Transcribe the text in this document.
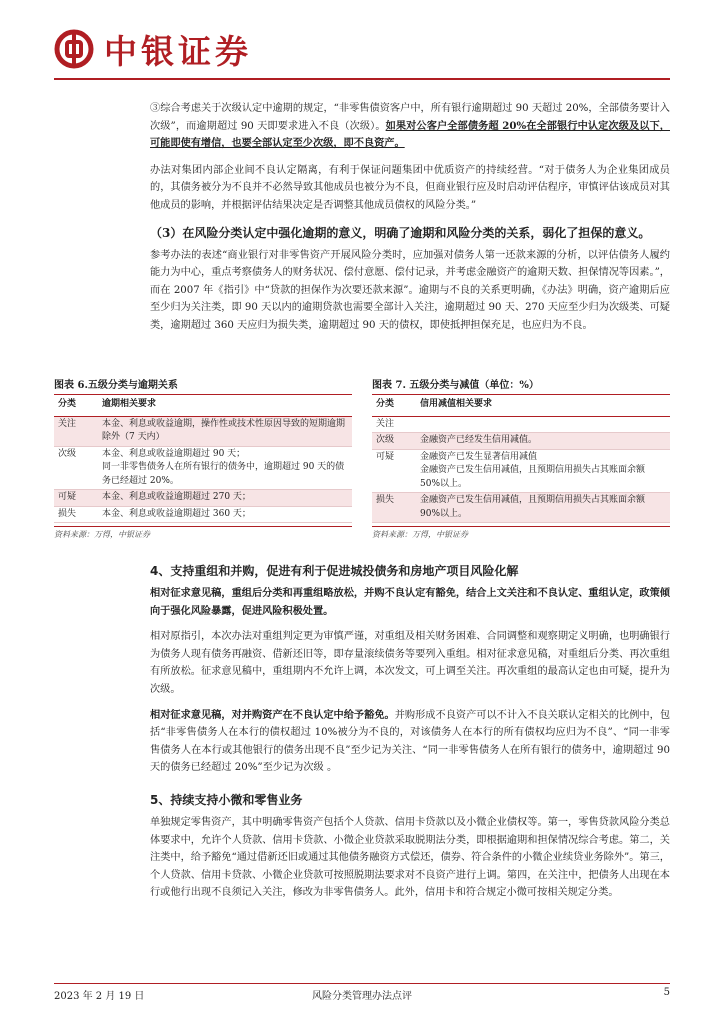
中银证券

③综合考虑关于次级认定中逾期的规定，“非零售债资客户中，所有银行逾期超过 90 天超过 20%，全部债务要计入次级”，而逾期超过 90 天即要求进入不良（次级）。如果对公客户全部债务超 20%在全部银行中认定次级及以下，可能即使有增信，也要全部认定至少次级，即不良资产。

办法对集团内部企业间不良认定隔离，有利于保证问题集团中优质资产的持续经营。“对于债务人为企业集团成员的，其债务被分为不良并不必然导致其他成员也被分为不良，但商业银行应及时启动评估程序，审慎评估该成员对其他成员的影响，并根据评估结果决定是否调整其他成员债权的风险分类。”

（3）在风险分类认定中强化逾期的意义，明确了逾期和风险分类的关系，弱化了担保的意义。

参考办法的表述“商业银行对非零售资产开展风险分类时，应加强对债务人第一还款来源的分析，以评估债务人履约能力为中心，重点考察债务人的财务状况、偿付意愿、偿付记录，并考虑金融资产的逾期天数、担保情况等因素。”，而在 2007 年《指引》中“贷款的担保作为次要还款来源”。逾期与不良的关系更明确，《办法》明确，资产逾期后应至少归为关注类，即 90 天以内的逾期贷款也需要全部计入关注，逾期超过 90 天、270 天应至少归为次级类、可疑类，逾期超过 360 天应归为损失类，逾期超过 90 天的债权，即使抵押担保充足，也应归为不良。

图表 6.五级分类与逾期关系
分类	逾期相关要求
关注	本金、利息或收益逾期，操作性或技术性原因导致的短期逾期除外（7 天内）
次级	本金、利息或收益逾期超过 90 天；
同一非零售债务人在所有银行的债务中，逾期超过 90 天的债务已经超过 20%。
可疑	本金、利息或收益逾期超过 270 天；
损失	本金、利息或收益逾期超过 360 天；
资料来源：万得，中银证券
图表 7. 五级分类与减值（单位：%）
分类	信用减值相关要求
关注	
次级	金融资产已经发生信用减值。
可疑	金融资产已发生显著信用减值
金融资产已发生信用减值，且预期信用损失占其账面余额 50%以上。
损失	金融资产已发生信用减值，且预期信用损失占其账面余额 90%以上。
资料来源：万得，中银证券

4、支持重组和并购，促进有利于促进城投债务和房地产项目风险化解

相对征求意见稿，重组后分类和再重组略放松，并购不良认定有豁免，结合上文关注和不良认定、重组认定，政策倾向于强化风险暴露，促进风险积极处置。

相对原指引，本次办法对重组判定更为审慎严谨，对重组及相关财务困难、合同调整和观察期定义明确，也明确银行为债务人现有债务再融资、借新还旧等，即存量滚续债务等要列入重组。相对征求意见稿，对重组后分类、再次重组有所放松。征求意见稿中，重组期内不允许上调，本次发文，可上调至关注。再次重组的最高认定也由可疑，提升为次级。

相对征求意见稿，对并购资产在不良认定中给予豁免。并购形成不良资产可以不计入不良关联认定相关的比例中，包括“非零售债务人在本行的债权超过 10%被分为不良的，对该债务人在本行的所有债权均应归为不良”、“同一非零售债务人在本行或其他银行的债务出现不良”至少记为关注、“同一非零售债务人在所有银行的债务中，逾期超过 90 天的债务已经超过 20%”至少记为次级 。

5、持续支持小微和零售业务

单独规定零售资产，其中明确零售资产包括个人贷款、信用卡贷款以及小微企业债权等。第一，零售贷款风险分类总体要求中，允许个人贷款、信用卡贷款、小微企业贷款采取脱期法分类，即根据逾期和担保情况综合考虑。第二，关注类中，给予豁免“通过借新还旧或通过其他债务融资方式偿还，债券、符合条件的小微企业续贷业务除外”。第三， 个人贷款、信用卡贷款、小微企业贷款可按照脱期法要求对不良资产进行上调。第四，在关注中，把债务人出现在本行或他行出现不良须记入关注，修改为非零售债务人。此外，信用卡和符合规定小微可按相关规定分类。

2023 年 2 月 19 日	风险分类管理办法点评	5
